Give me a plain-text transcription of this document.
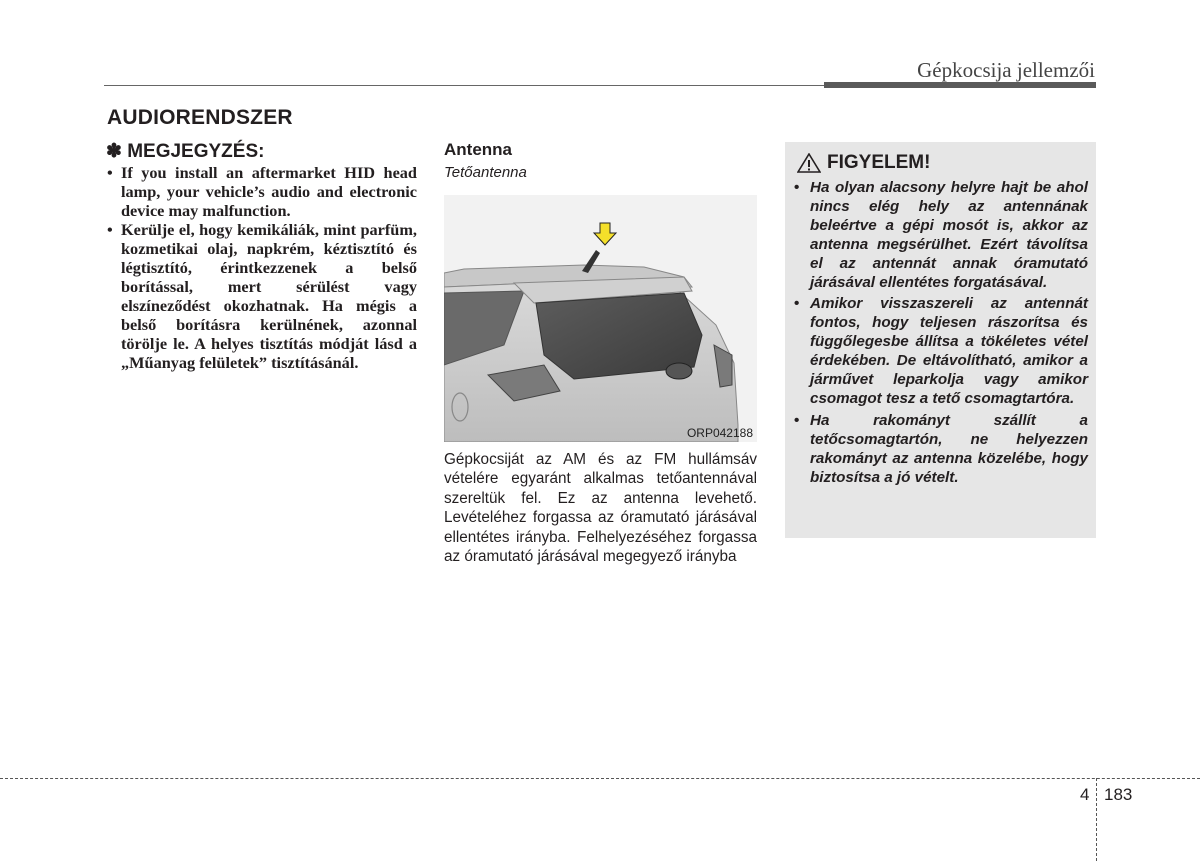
Gépkocsija jellemzői
AUDIORENDSZER
✽ MEGJEGYZÉS:
• If you install an aftermarket HID head lamp, your vehicle’s audio and electronic device may malfunction.
• Kerülje el, hogy kemikáliák, mint parfüm, kozmetikai olaj, napkrém, kéztisztító és légtisztító, érintkezzenek a belső borítással, mert sérülést vagy elszíneződést okozhatnak. Ha mégis a belső borításra kerülnének, azonnal törölje le. A helyes tisztítás módját lásd a „Műanyag felületek” tisztításánál.
Antenna
Tetőantenna
ORP042188

Gépkocsiját az AM és az FM hullámsáv vételére egyaránt alkalmas tetőantennával szereltük fel. Ez az antenna levehető. Levételéhez forgassa az óramutató járásával ellentétes irányba. Felhelyezéséhez forgassa az óramutató járásával megegyező irányba

FIGYELEM!
• Ha olyan alacsony helyre hajt be ahol nincs elég hely az antennának beleértve a gépi mosót is, akkor az antenna megsérülhet. Ezért távolítsa el az antennát annak óramutató járásával ellentétes forgatásával.
• Amikor visszaszereli az antennát fontos, hogy teljesen rászorítsa és függőlegesbe állítsa a tökéletes vétel érdekében. De eltávolítható, amikor a járművet leparkolja vagy amikor csomagot tesz a tető csomagtartóra.
• Ha rakományt szállít a tetőcsomagtartón, ne helyezzen rakományt az antenna közelébe, hogy biztosítsa a jó vételt.
4 183
